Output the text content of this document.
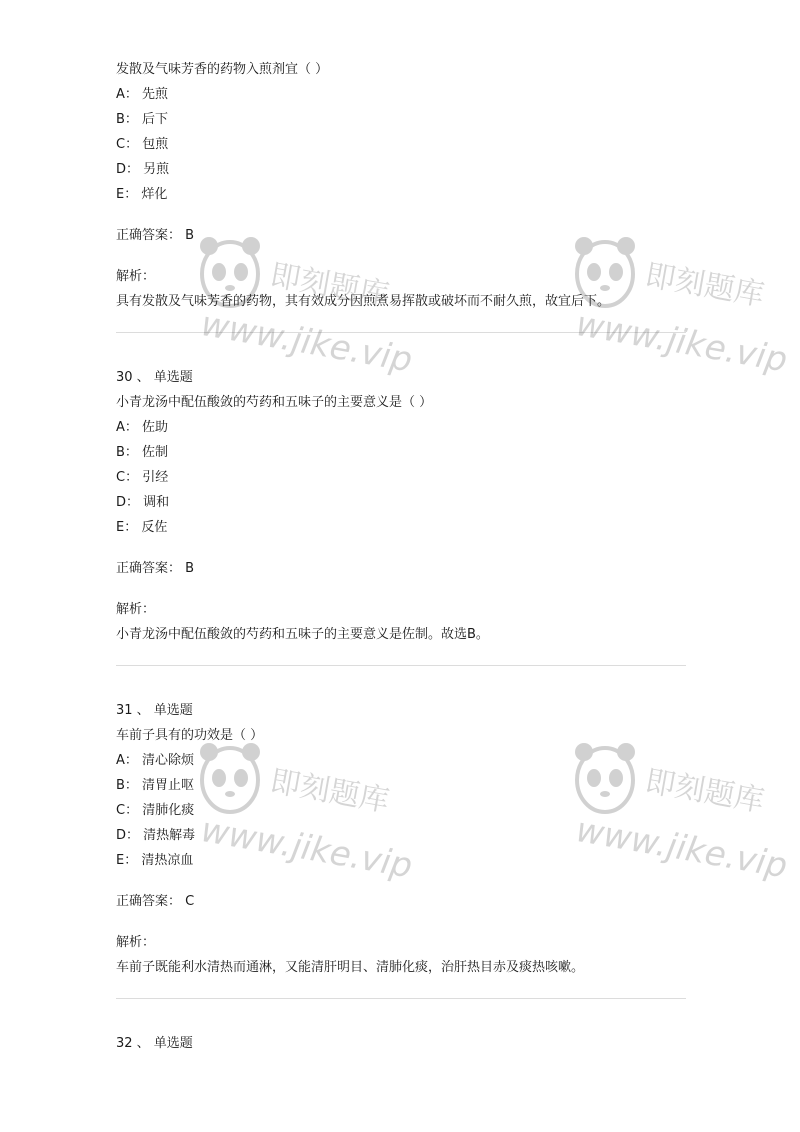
发散及气味芳香的药物入煎剂宜（ ）
A： 先煎
B： 后下
C： 包煎
D： 另煎
E： 烊化
正确答案： B
解析：
具有发散及气味芳香的药物，其有效成分因煎煮易挥散或破坏而不耐久煎，故宜后下。
30 、 单选题
小青龙汤中配伍酸敛的芍药和五味子的主要意义是（ ）
A： 佐助
B： 佐制
C： 引经
D： 调和
E： 反佐
正确答案： B
解析：
小青龙汤中配伍酸敛的芍药和五味子的主要意义是佐制。故选B。
31 、 单选题
车前子具有的功效是（ ）
A： 清心除烦
B： 清胃止呕
C： 清肺化痰
D： 清热解毒
E： 清热凉血
正确答案： C
解析：
车前子既能利水清热而通淋，又能清肝明目、清肺化痰，治肝热目赤及痰热咳嗽。
32 、 单选题
即刻题库
www.jike.vip
即刻题库
www.jike.vip
即刻题库
www.jike.vip
即刻题库
www.jike.vip
